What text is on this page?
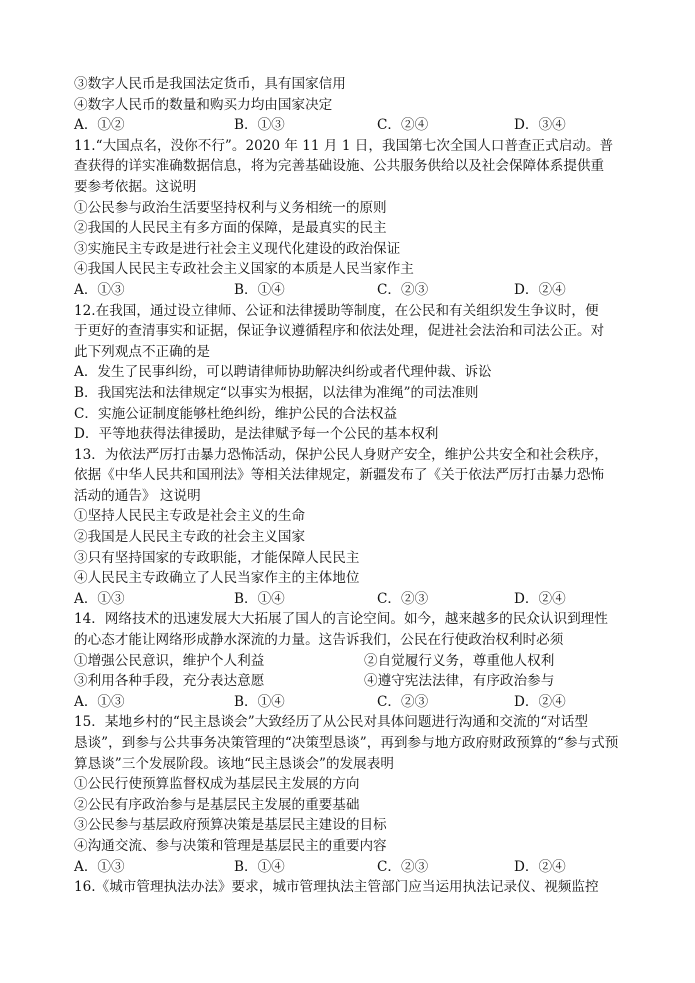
③数字人民币是我国法定货币，具有国家信用
④数字人民币的数量和购买力均由国家决定
A．①②	B．①③	C．②④	D．③④
11.“大国点名，没你不行”。2020 年 11 月 1 日，我国第七次全国人口普查正式启动。普
查获得的详实准确数据信息，将为完善基础设施、公共服务供给以及社会保障体系提供重
要参考依据。这说明
①公民参与政治生活要坚持权利与义务相统一的原则
②我国的人民民主有多方面的保障，是最真实的民主
③实施民主专政是进行社会主义现代化建设的政治保证
④我国人民民主专政社会主义国家的本质是人民当家作主
A．①③	B．①④	C．②③	D．②④
12.在我国，通过设立律师、公证和法律援助等制度，在公民和有关组织发生争议时，便
于更好的查清事实和证据，保证争议遵循程序和依法处理，促进社会法治和司法公正。对
此下列观点不正确的是
A．发生了民事纠纷，可以聘请律师协助解决纠纷或者代理仲裁、诉讼
B．我国宪法和法律规定“以事实为根据，以法律为准绳”的司法准则
C．实施公证制度能够杜绝纠纷，维护公民的合法权益
D．平等地获得法律援助，是法律赋予每一个公民的基本权利
13．为依法严厉打击暴力恐怖活动，保护公民人身财产安全，维护公共安全和社会秩序，
依据《中华人民共和国刑法》等相关法律规定，新疆发布了《关于依法严厉打击暴力恐怖
活动的通告》 这说明
①坚持人民民主专政是社会主义的生命
②我国是人民民主专政的社会主义国家
③只有坚持国家的专政职能，才能保障人民民主
④人民民主专政确立了人民当家作主的主体地位
A．①③	B．①④	C．②③	D．②④
14．网络技术的迅速发展大大拓展了国人的言论空间。如今，越来越多的民众认识到理性
的心态才能让网络形成静水深流的力量。这告诉我们，公民在行使政治权利时必须
①增强公民意识，维护个人利益	②自觉履行义务，尊重他人权利
③利用各种手段，充分表达意愿	④遵守宪法法律，有序政治参与
A．①③	B．①④	C．②③	D．②④
15．某地乡村的“民主恳谈会”大致经历了从公民对具体问题进行沟通和交流的“对话型
恳谈”，到参与公共事务决策管理的“决策型恳谈”，再到参与地方政府财政预算的“参与式预
算恳谈”三个发展阶段。该地“民主恳谈会”的发展表明
①公民行使预算监督权成为基层民主发展的方向
②公民有序政治参与是基层民主发展的重要基础
③公民参与基层政府预算决策是基层民主建设的目标
④沟通交流、参与决策和管理是基层民主的重要内容
A．①③	B．①④	C．②③	D．②④
16.《城市管理执法办法》要求，城市管理执法主管部门应当运用执法记录仪、视频监控
